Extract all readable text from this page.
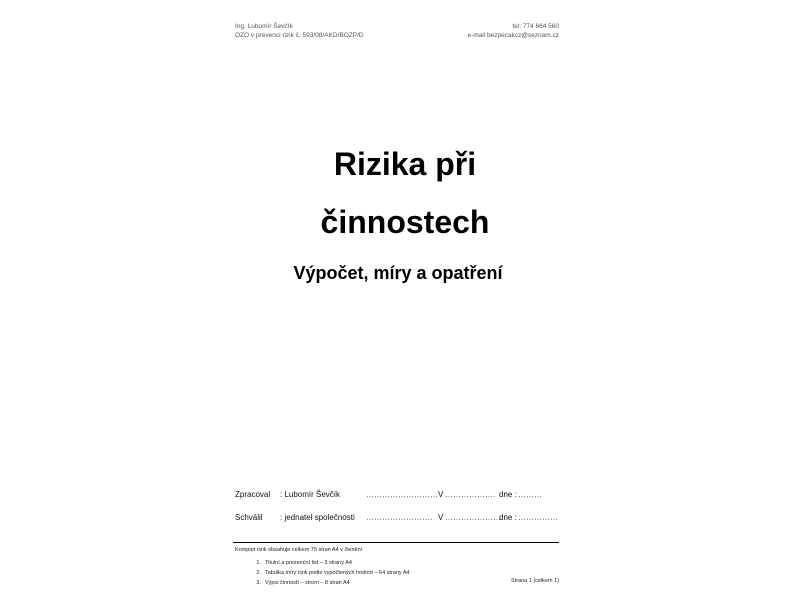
Ing. Lubomír Ševčík
OZO v prevenci rizik č. 593/08/AKD/BOZP/D
tel: 774 664 560
e-mail bezpecakcz@seznam.cz
Rizika při
činnostech
Výpočet, míry a opatření
Zpracoval : Lubomír Ševčík	……………………… V ………………. dne : ………
Schválil : jednatel společnosti ……………………. V …………………
dne : ……………
Komplet rizik obsahuje celkem 75 stran A4 v členění
1. Titulní a prezenční list – 3 strany A4
2. Tabulka míry rizik podle vypočtených hodnot – 64 strany A4
3. Výpis činností – strom – 8 stran A4	Strana 1 (celkem 1)
